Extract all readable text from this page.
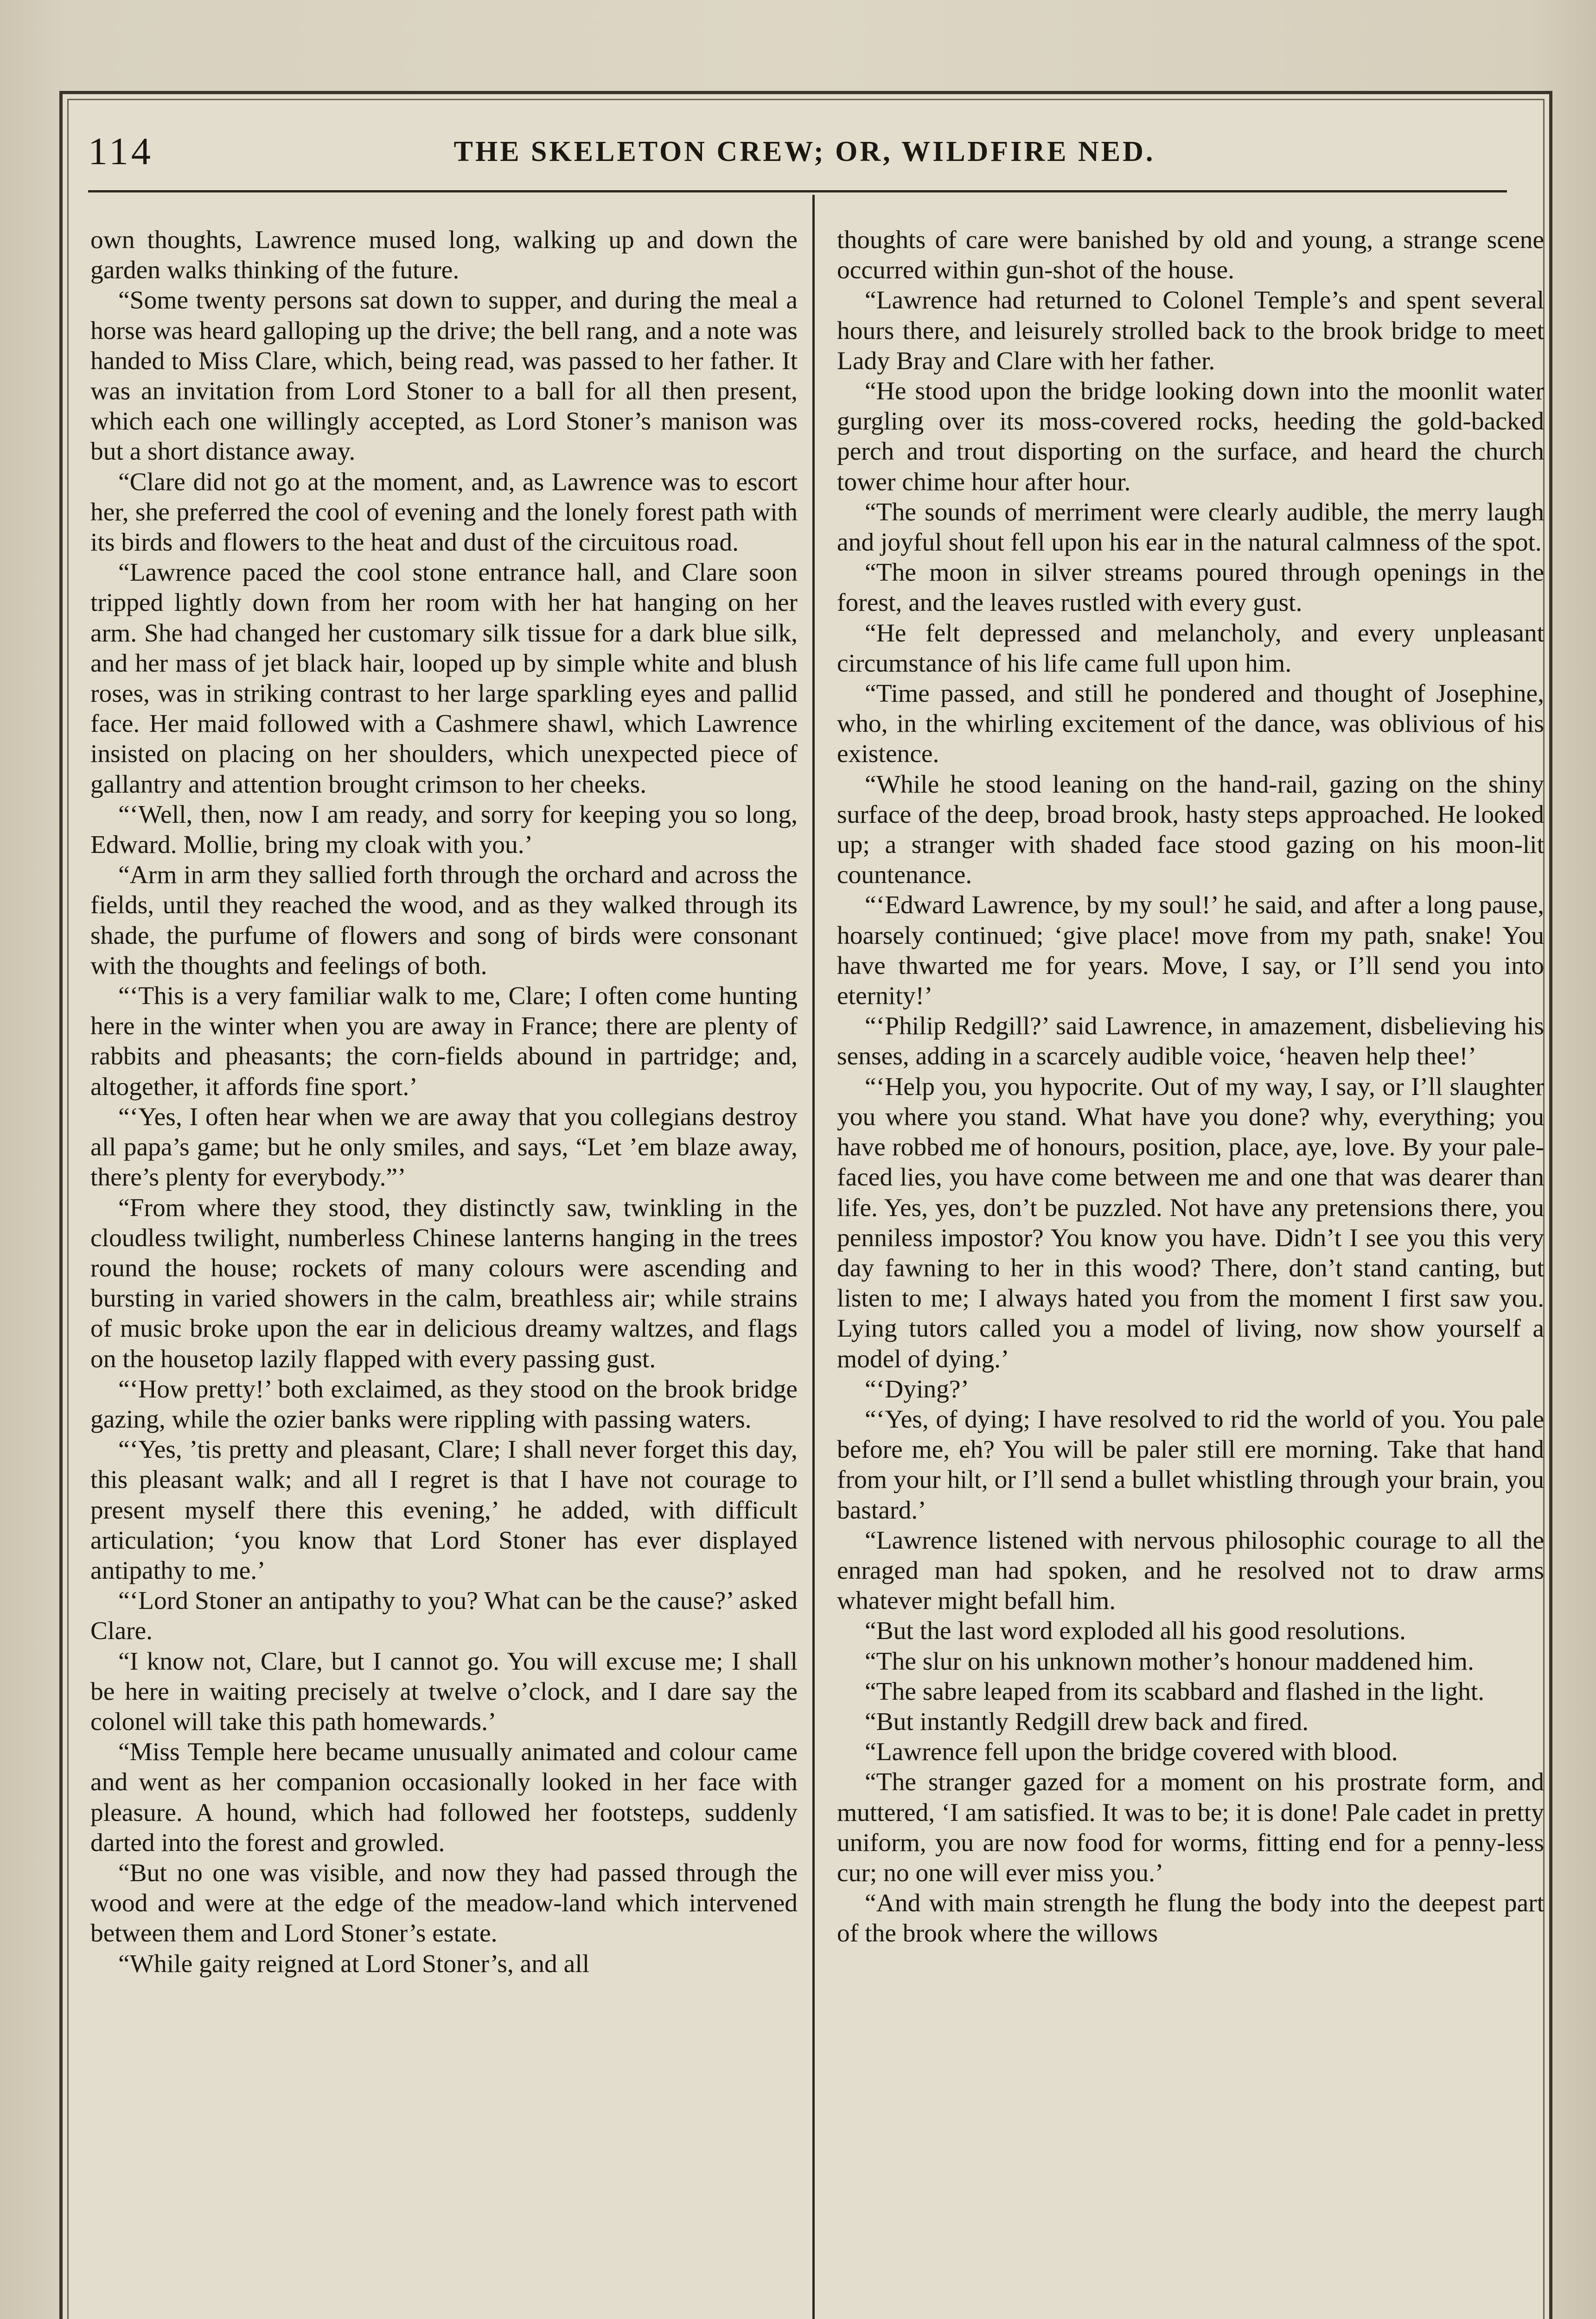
114	THE SKELETON CREW; OR, WILDFIRE NED.

own thoughts, Lawrence mused long, walking up and down the garden walks thinking of the future.

“Some twenty persons sat down to supper, and during the meal a horse was heard galloping up the drive; the bell rang, and a note was handed to Miss Clare, which, being read, was passed to her father. It was an invitation from Lord Stoner to a ball for all then present, which each one willingly accepted, as Lord Stoner’s manison was but a short distance away.

“Clare did not go at the moment, and, as Lawrence was to escort her, she preferred the cool of evening and the lonely forest path with its birds and flowers to the heat and dust of the circuitous road.

“Lawrence paced the cool stone entrance hall, and Clare soon tripped lightly down from her room with her hat hanging on her arm. She had changed her customary silk tissue for a dark blue silk, and her mass of jet black hair, looped up by simple white and blush roses, was in striking contrast to her large sparkling eyes and pallid face. Her maid followed with a Cashmere shawl, which Lawrence insisted on placing on her shoulders, which unexpected piece of gallantry and attention brought crimson to her cheeks.

“‘Well, then, now I am ready, and sorry for keeping you so long, Edward. Mollie, bring my cloak with you.’

“Arm in arm they sallied forth through the orchard and across the fields, until they reached the wood, and as they walked through its shade, the purfume of flowers and song of birds were consonant with the thoughts and feelings of both.

“‘This is a very familiar walk to me, Clare; I often come hunting here in the winter when you are away in France; there are plenty of rabbits and pheasants; the corn-fields abound in partridge; and, altogether, it affords fine sport.’

“‘Yes, I often hear when we are away that you collegians destroy all papa’s game; but he only smiles, and says, “Let ’em blaze away, there’s plenty for everybody.”’

“From where they stood, they distinctly saw, twinkling in the cloudless twilight, numberless Chinese lanterns hanging in the trees round the house; rockets of many colours were ascending and bursting in varied showers in the calm, breathless air; while strains of music broke upon the ear in delicious dreamy waltzes, and flags on the housetop lazily flapped with every passing gust.

“‘How pretty!’ both exclaimed, as they stood on the brook bridge gazing, while the ozier banks were rippling with passing waters.

“‘Yes, ’tis pretty and pleasant, Clare; I shall never forget this day, this pleasant walk; and all I regret is that I have not courage to present myself there this evening,’ he added, with difficult articulation; ‘you know that Lord Stoner has ever displayed antipathy to me.’

“‘Lord Stoner an antipathy to you? What can be the cause?’ asked Clare.

“I know not, Clare, but I cannot go. You will excuse me; I shall be here in waiting precisely at twelve o’clock, and I dare say the colonel will take this path homewards.’

“Miss Temple here became unusually animated and colour came and went as her companion occasionally looked in her face with pleasure. A hound, which had followed her footsteps, suddenly darted into the forest and growled.

“But no one was visible, and now they had passed through the wood and were at the edge of the meadow-land which intervened between them and Lord Stoner’s estate.

“While gaity reigned at Lord Stoner’s, and all

thoughts of care were banished by old and young, a strange scene occurred within gun-shot of the house.

“Lawrence had returned to Colonel Temple’s and spent several hours there, and leisurely strolled back to the brook bridge to meet Lady Bray and Clare with her father.

“He stood upon the bridge looking down into the moonlit water gurgling over its moss-covered rocks, heeding the gold-backed perch and trout disporting on the surface, and heard the church tower chime hour after hour.

“The sounds of merriment were clearly audible, the merry laugh and joyful shout fell upon his ear in the natural calmness of the spot.

“The moon in silver streams poured through openings in the forest, and the leaves rustled with every gust.

“He felt depressed and melancholy, and every unpleasant circumstance of his life came full upon him.

“Time passed, and still he pondered and thought of Josephine, who, in the whirling excitement of the dance, was oblivious of his existence.

“While he stood leaning on the hand-rail, gazing on the shiny surface of the deep, broad brook, hasty steps approached. He looked up; a stranger with shaded face stood gazing on his moon-lit countenance.

“‘Edward Lawrence, by my soul!’ he said, and after a long pause, hoarsely continued; ‘give place! move from my path, snake! You have thwarted me for years. Move, I say, or I’ll send you into eternity!’

“‘Philip Redgill?’ said Lawrence, in amazement, disbelieving his senses, adding in a scarcely audible voice, ‘heaven help thee!’

“‘Help you, you hypocrite. Out of my way, I say, or I’ll slaughter you where you stand. What have you done? why, everything; you have robbed me of honours, position, place, aye, love. By your pale-faced lies, you have come between me and one that was dearer than life. Yes, yes, don’t be puzzled. Not have any pretensions there, you penniless impostor? You know you have. Didn’t I see you this very day fawning to her in this wood? There, don’t stand canting, but listen to me; I always hated you from the moment I first saw you. Lying tutors called you a model of living, now show yourself a model of dying.’

“‘Dying?’

“‘Yes, of dying; I have resolved to rid the world of you. You pale before me, eh? You will be paler still ere morning. Take that hand from your hilt, or I’ll send a bullet whistling through your brain, you bastard.’

“Lawrence listened with nervous philosophic courage to all the enraged man had spoken, and he resolved not to draw arms whatever might befall him.

“But the last word exploded all his good resolutions.

“The slur on his unknown mother’s honour maddened him.

“The sabre leaped from its scabbard and flashed in the light.

“But instantly Redgill drew back and fired.

“Lawrence fell upon the bridge covered with blood.

“The stranger gazed for a moment on his prostrate form, and muttered, ‘I am satisfied. It was to be; it is done! Pale cadet in pretty uniform, you are now food for worms, fitting end for a penny-less cur; no one will ever miss you.’

“And with main strength he flung the body into the deepest part of the brook where the willows
